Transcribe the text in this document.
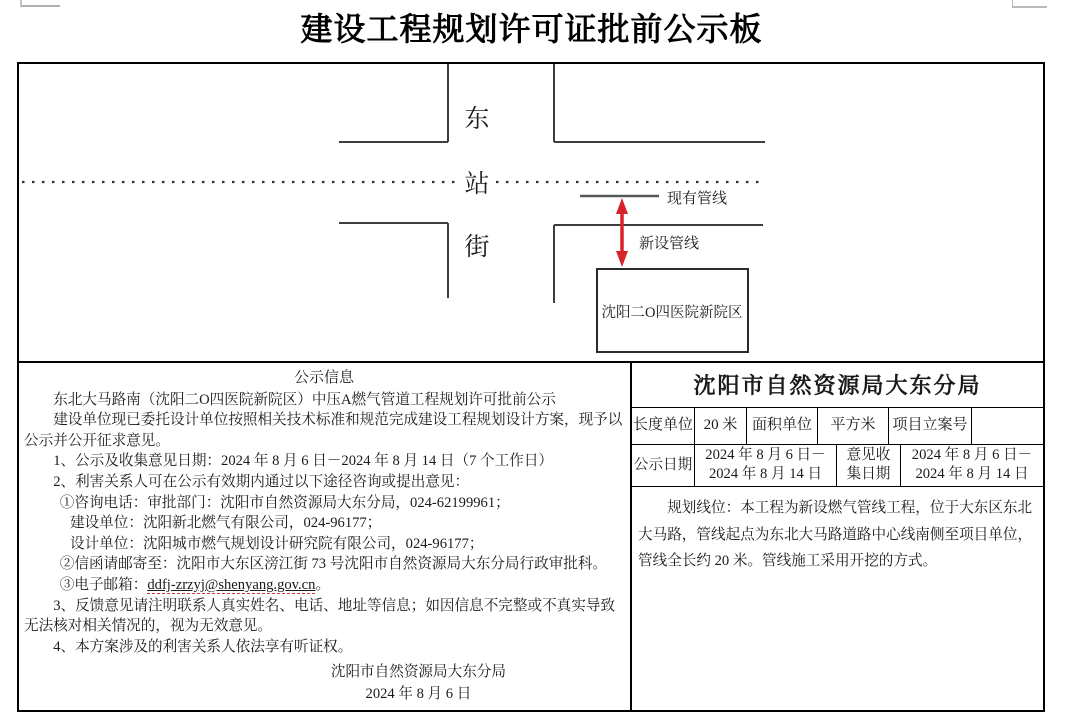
建设工程规划许可证批前公示板
东
站
街
现有管线
新设管线
沈阳二O四医院新院区

公示信息

东北大马路南（沈阳二O四医院新院区）中压A燃气管道工程规划许可批前公示

建设单位现已委托设计单位按照相关技术标准和规范完成建设工程规划设计方案，现予以公示并公开征求意见。

1、公示及收集意见日期：2024 年 8 月 6 日－2024 年 8 月 14 日（7 个工作日）

2、利害关系人可在公示有效期内通过以下途径咨询或提出意见：

①咨询电话：审批部门：沈阳市自然资源局大东分局，024-62199961；

建设单位：沈阳新北燃气有限公司，024-96177；

设计单位：沈阳城市燃气规划设计研究院有限公司，024-96177；

②信函请邮寄至：沈阳市大东区滂江街 73 号沈阳市自然资源局大东分局行政审批科。

③电子邮箱：ddfj-zrzyj@shenyang.gov.cn。

3、反馈意见请注明联系人真实姓名、电话、地址等信息；如因信息不完整或不真实导致无法核对相关情况的，视为无效意见。

4、本方案涉及的利害关系人依法享有听证权。

沈阳市自然资源局大东分局
2024 年 8 月 6 日
沈阳市自然资源局大东分局
长度单位 20 米 面积单位	平方米	项目立案号
公示日期
2024 年 8 月 6 日－
2024 年 8 月 14 日
意见收
集日期
2024 年 8 月 6 日－
2024 年 8 月 14 日
规划线位：本工程为新设燃气管线工程，位于大东区东北大马路，管线起点为东北大马路道路中心线南侧至项目单位，管线全长约 20 米。管线施工采用开挖的方式。
